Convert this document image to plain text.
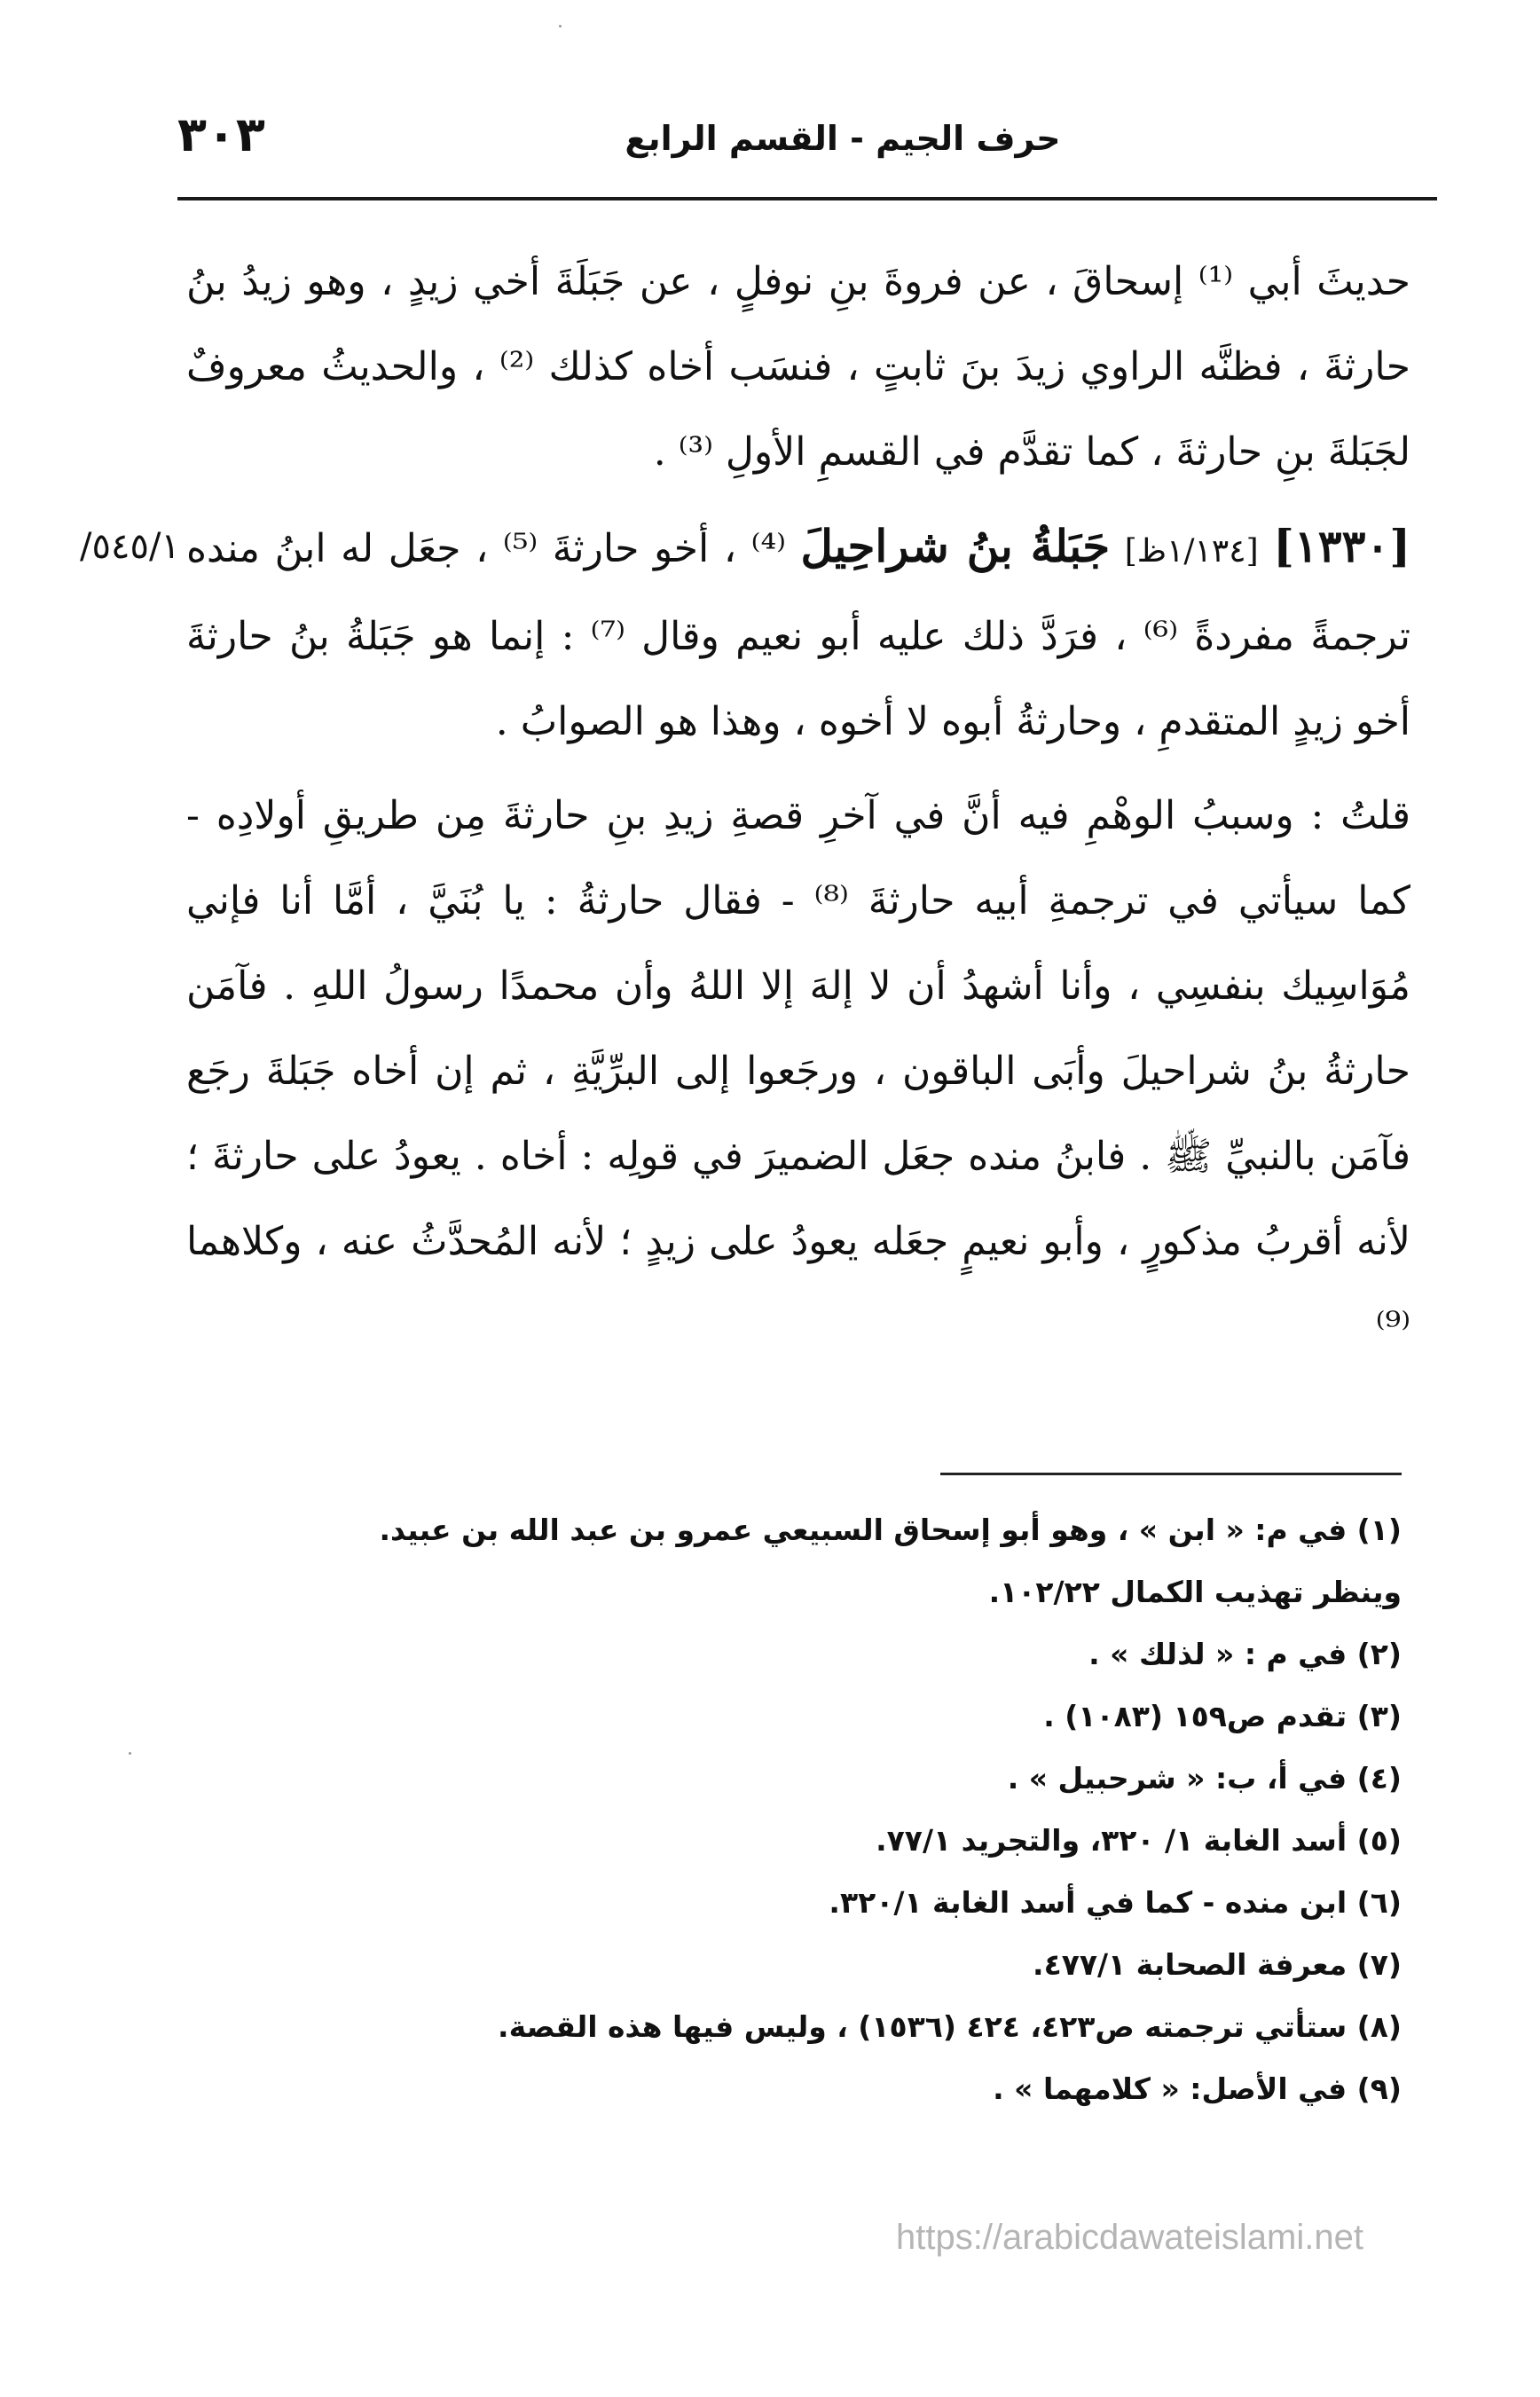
٣٠٣	حرف الجيم - القسم الرابع

حديثَ أبي ⁽¹⁾ إسحاقَ ، عن فروةَ بنِ نوفلٍ ، عن جَبَلَةَ أخي زيدٍ ، وهو زيدُ بنُ حارثةَ ، فظنَّه الراوي زيدَ بنَ ثابتٍ ، فنسَب أخاه كذلك ⁽²⁾ ، والحديثُ معروفٌ لجَبَلةَ بنِ حارثةَ ، كما تقدَّم في القسمِ الأولِ ⁽³⁾ .

/٥٤٥/١	[١٣٣٠] [١/١٣٤ظ] جَبَلةُ بنُ شراحِيلَ ⁽⁴⁾ ، أخو حارثةَ ⁽⁵⁾ ، جعَل له ابنُ منده ترجمةً مفردةً ⁽⁶⁾ ، فرَدَّ ذلك عليه أبو نعيم وقال ⁽⁷⁾ : إنما هو جَبَلةُ بنُ حارثةَ أخو زيدٍ المتقدمِ ، وحارثةُ أبوه لا أخوه ، وهذا هو الصوابُ .

قلتُ : وسببُ الوهْمِ فيه أنَّ في آخرِ قصةِ زيدِ بنِ حارثةَ مِن طريقِ أولادِه - كما سيأتي في ترجمةِ أبيه حارثةَ ⁽⁸⁾ - فقال حارثةُ : يا بُنَيَّ ، أمَّا أنا فإني مُوَاسِيك بنفسِي ، وأنا أشهدُ أن لا إلهَ إلا اللهُ وأن محمدًا رسولُ اللهِ . فآمَن حارثةُ بنُ شراحيلَ وأبَى الباقون ، ورجَعوا إلى البرِّيَّةِ ، ثم إن أخاه جَبَلةَ رجَع فآمَن بالنبيِّ ﷺ . فابنُ منده جعَل الضميرَ في قولِه : أخاه . يعودُ على حارثةَ ؛ لأنه أقربُ مذكورٍ ، وأبو نعيمٍ جعَله يعودُ على زيدٍ ؛ لأنه المُحدَّثُ عنه ، وكلاهما ⁽⁹⁾

(١) في م: « ابن » ، وهو أبو إسحاق السبيعي عمرو بن عبد الله بن عبيد. وينظر تهذيب الكمال ١٠٢/٢٢.

(٢) في م : « لذلك » .

(٣) تقدم ص١٥٩ (١٠٨٣) .

(٤) في أ، ب: « شرحبيل » .

(٥) أسد الغابة ١/ ٣٢٠، والتجريد ٧٧/١.

(٦) ابن منده - كما في أسد الغابة ٣٢٠/١.

(٧) معرفة الصحابة ٤٧٧/١.

(٨) ستأتي ترجمته ص٤٢٣، ٤٢٤ (١٥٣٦) ، وليس فيها هذه القصة.

(٩) في الأصل: « كلامهما » .

https://arabicdawateislami.net
